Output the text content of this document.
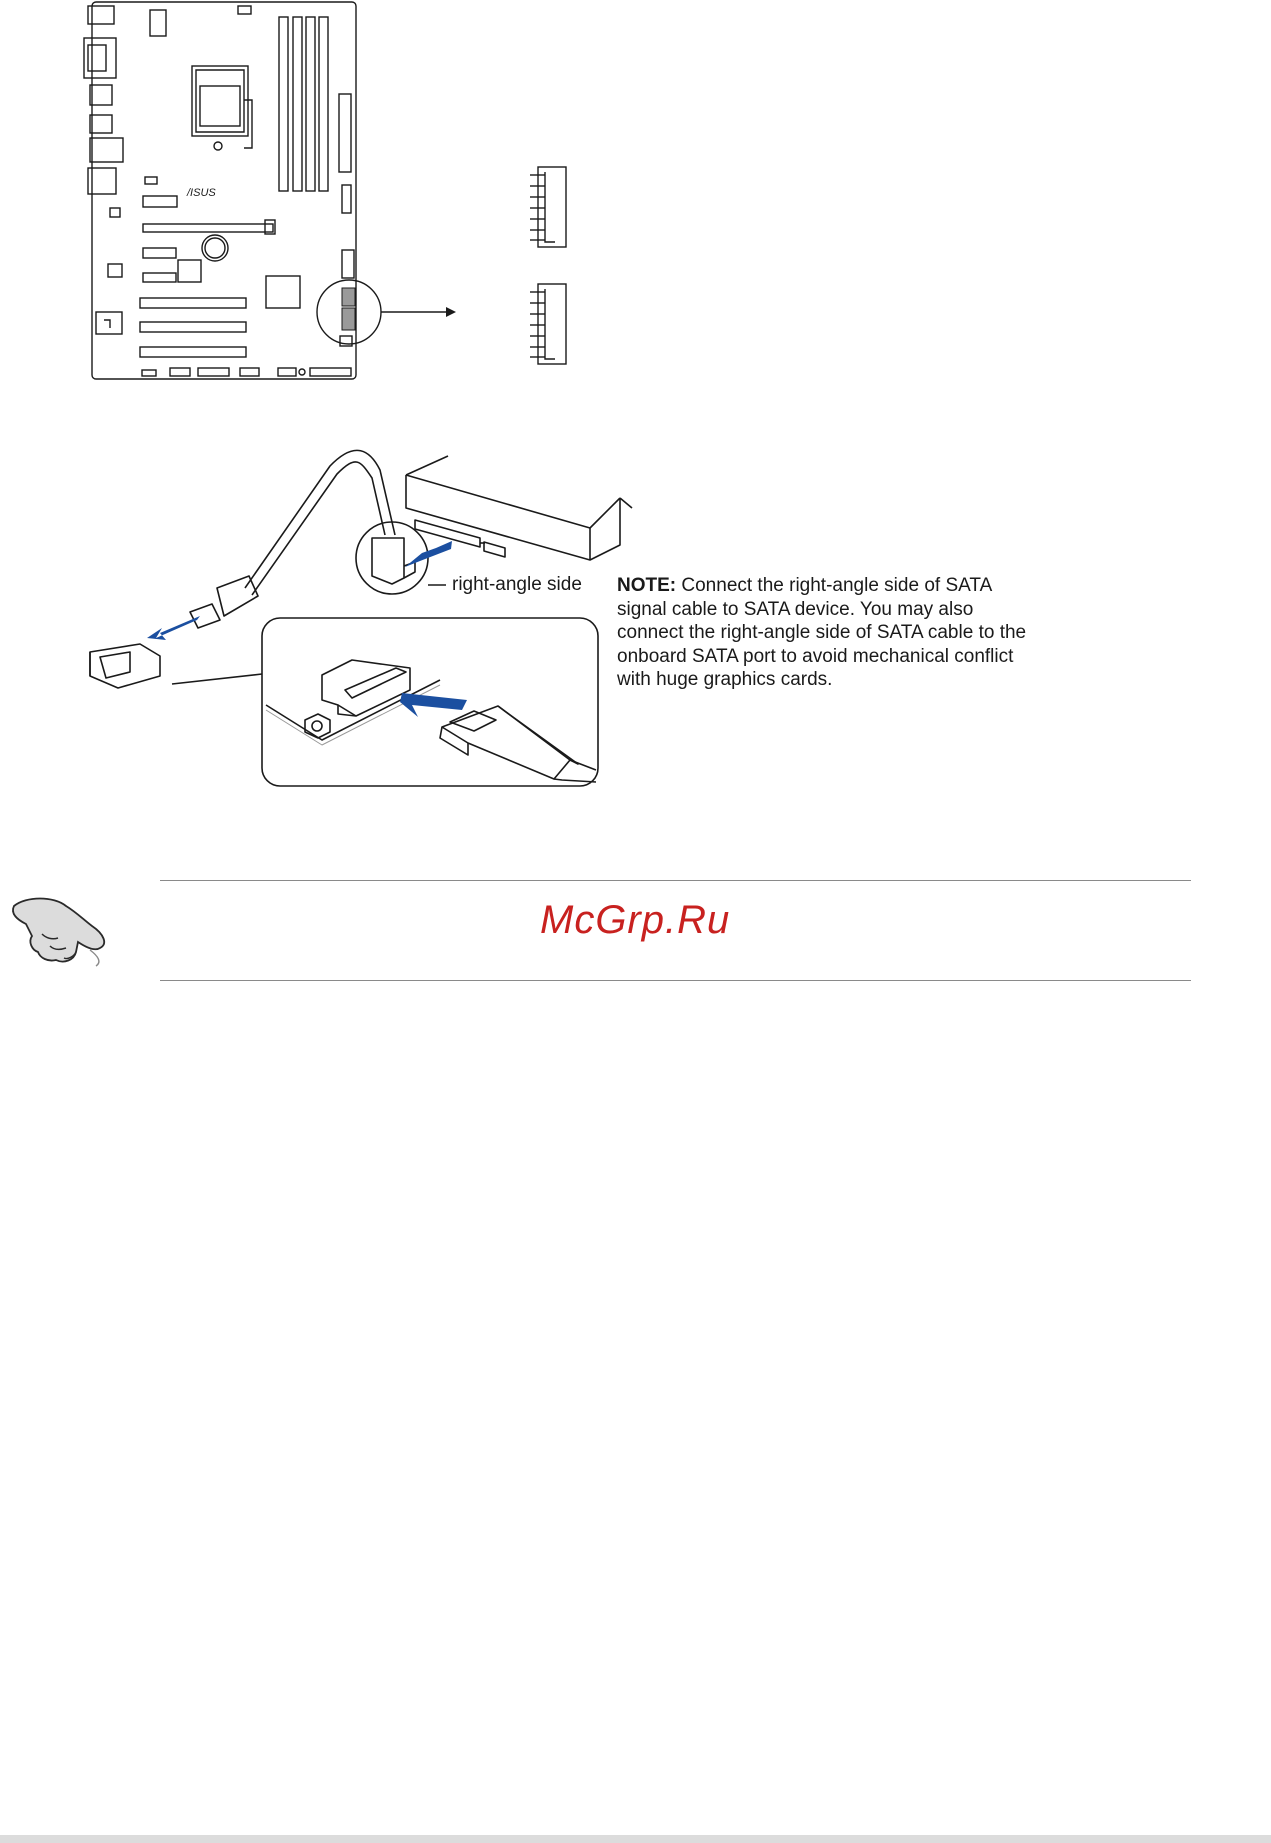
/ISUS
right-angle side NOTE: Connect the right-angle side of SATA signal cable to SATA device. You may also connect the right-angle side of SATA cable to the onboard SATA port to avoid mechanical conflict with huge graphics cards.
McGrp.Ru
